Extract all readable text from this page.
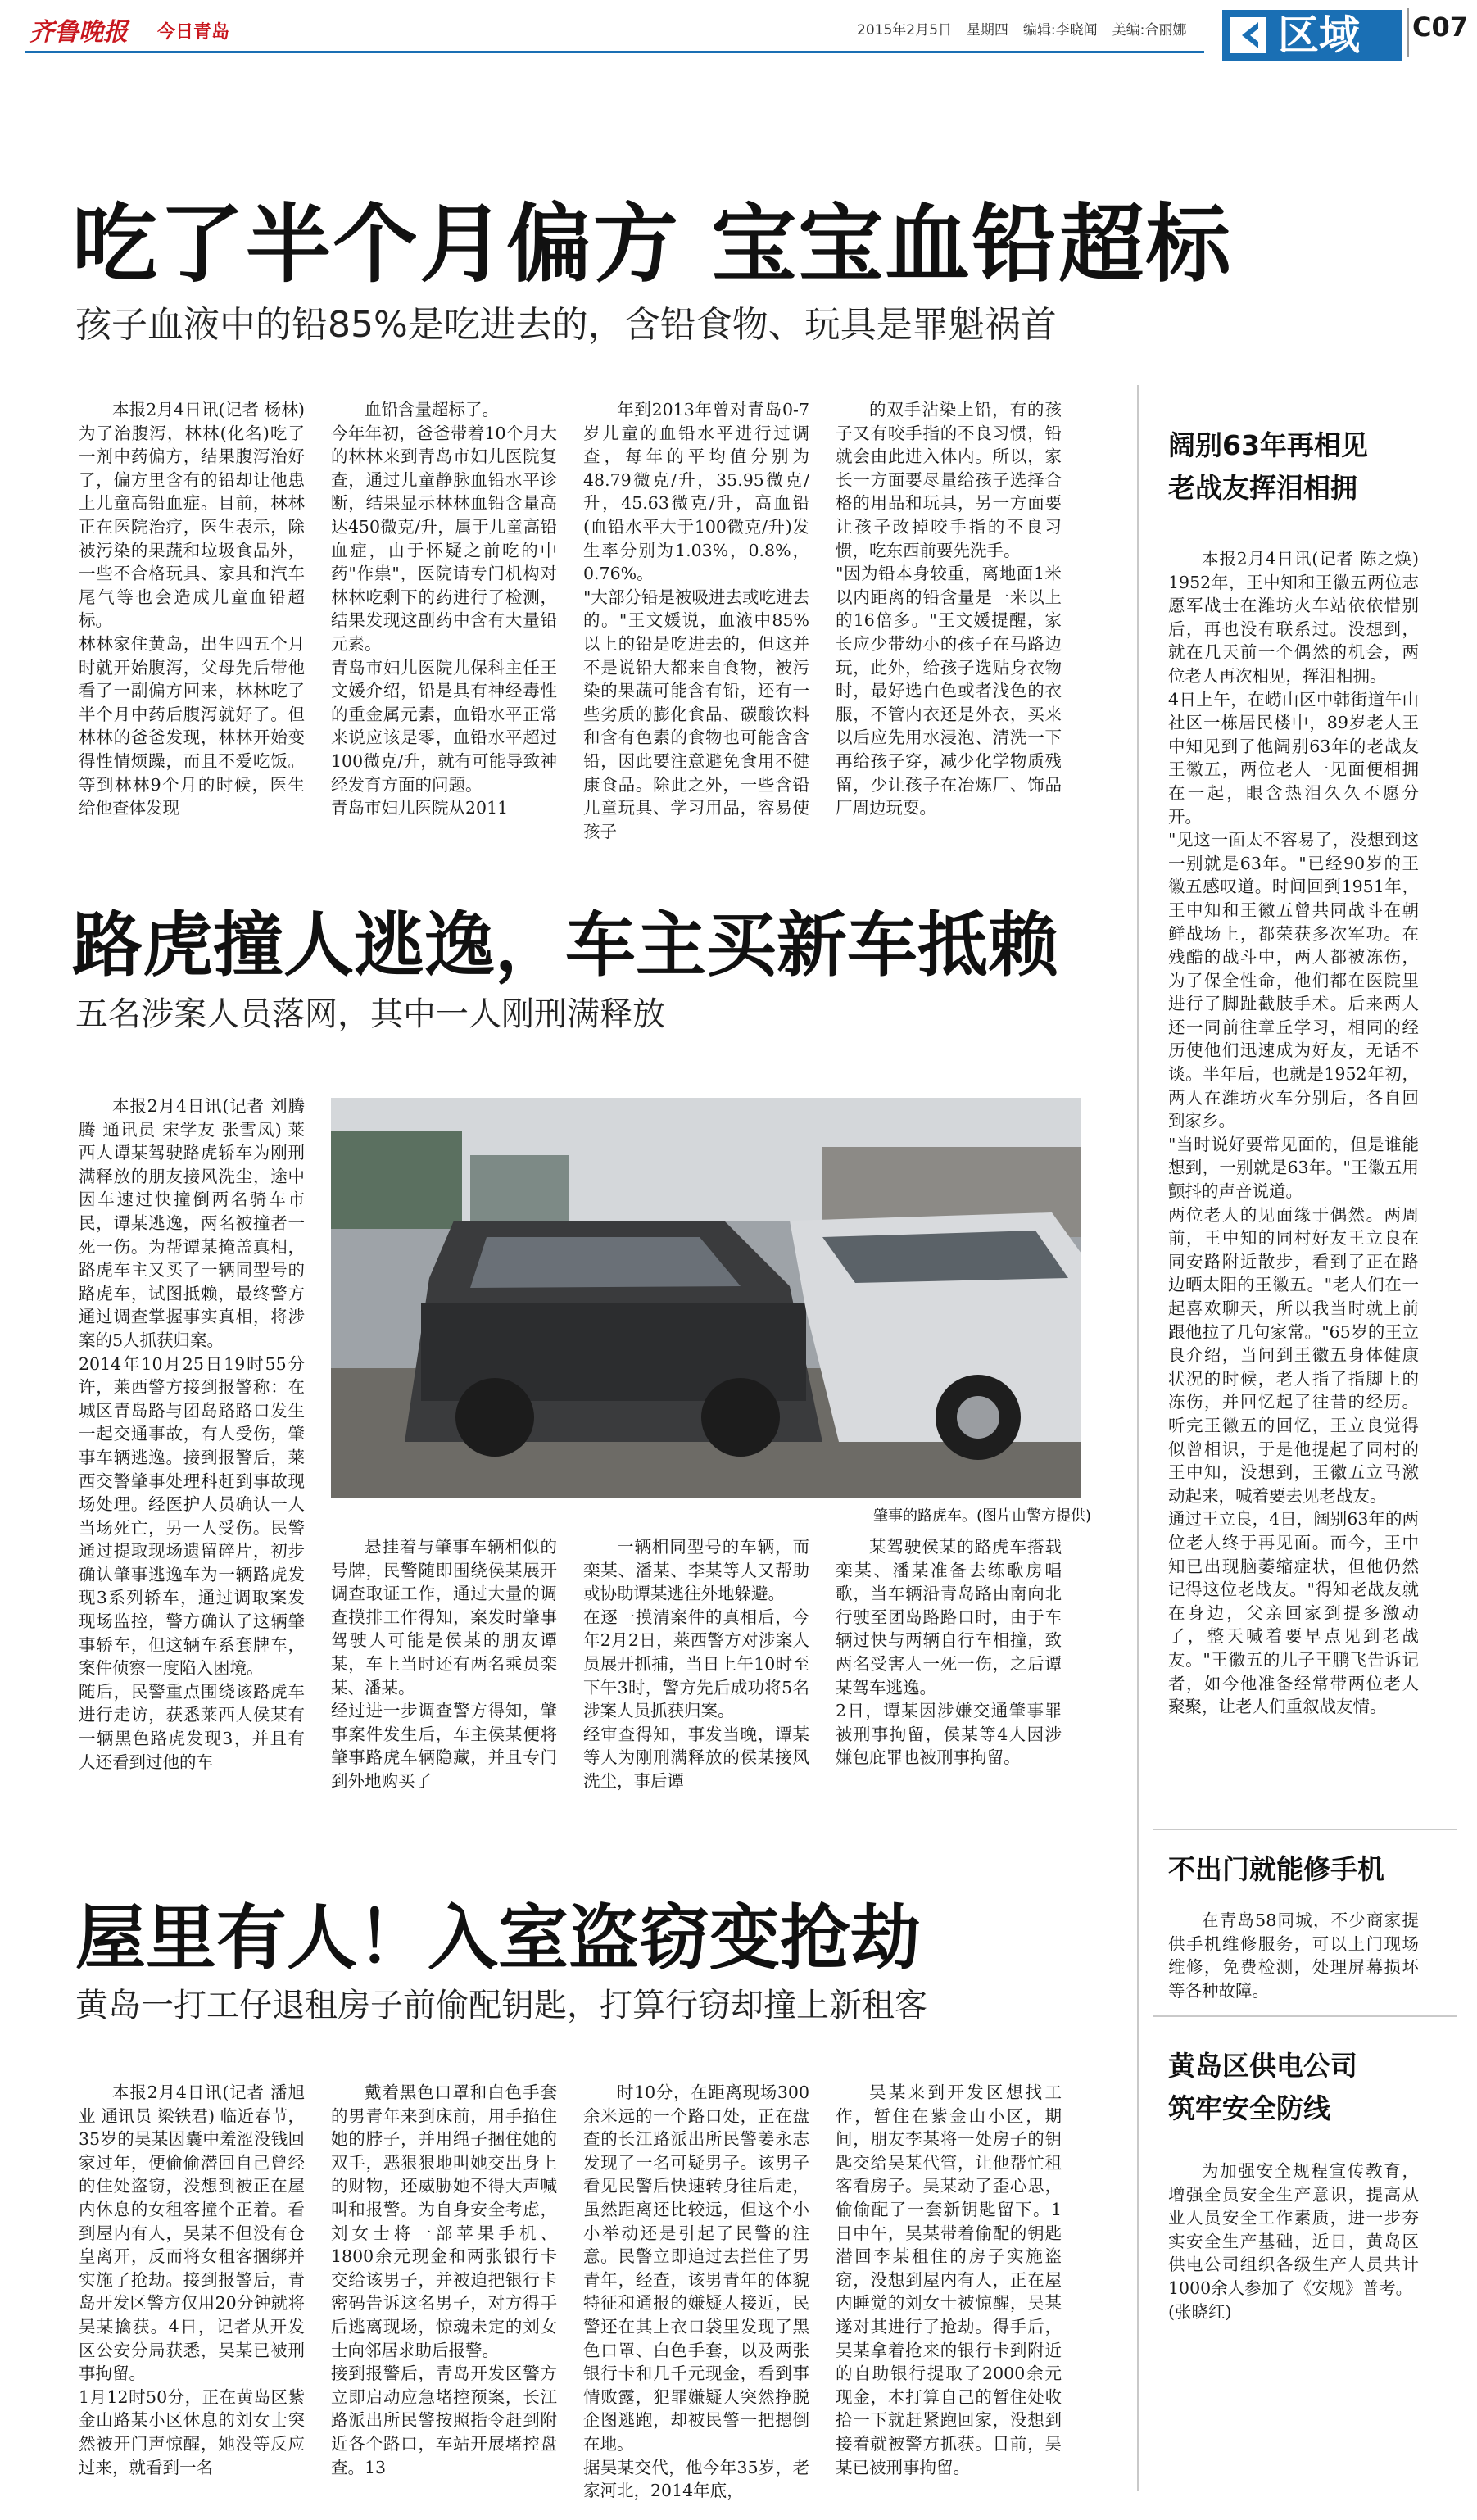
齐鲁晚报 今日青岛	2015年2月5日 星期四 编辑:李晓闻 美编:合丽娜	区域 C07
吃了半个月偏方 宝宝血铅超标
孩子血液中的铅85%是吃进去的，含铅食物、玩具是罪魁祸首

本报2月4日讯(记者 杨林) 为了治腹泻，林林(化名)吃了一剂中药偏方，结果腹泻治好了，偏方里含有的铅却让他患上儿童高铅血症。目前，林林正在医院治疗，医生表示，除被污染的果蔬和垃圾食品外，一些不合格玩具、家具和汽车尾气等也会造成儿童血铅超标。
林林家住黄岛，出生四五个月时就开始腹泻，父母先后带他看了一副偏方回来，林林吃了半个月中药后腹泻就好了。但林林的爸爸发现，林林开始变得性情烦躁，而且不爱吃饭。等到林林9个月的时候，医生给他查体发现

血铅含量超标了。
今年年初，爸爸带着10个月大的林林来到青岛市妇儿医院复查，通过儿童静脉血铅水平诊断，结果显示林林血铅含量高达450微克/升，属于儿童高铅血症，由于怀疑之前吃的中药"作祟"，医院请专门机构对林林吃剩下的药进行了检测，结果发现这副药中含有大量铅元素。
青岛市妇儿医院儿保科主任王文媛介绍，铅是具有神经毒性的重金属元素，血铅水平正常来说应该是零，血铅水平超过100微克/升，就有可能导致神经发育方面的问题。
青岛市妇儿医院从2011

年到2013年曾对青岛0-7岁儿童的血铅水平进行过调查，每年的平均值分别为48.79微克/升，35.95微克/升，45.63微克/升，高血铅(血铅水平大于100微克/升)发生率分别为1.03%，0.8%，0.76%。
"大部分铅是被吸进去或吃进去的。"王文媛说，血液中85%以上的铅是吃进去的，但这并不是说铅大都来自食物，被污染的果蔬可能含有铅，还有一些劣质的膨化食品、碳酸饮料和含有色素的食物也可能含含铅，因此要注意避免食用不健康食品。除此之外，一些含铅儿童玩具、学习用品，容易使孩子

的双手沾染上铅，有的孩子又有咬手指的不良习惯，铅就会由此进入体内。所以，家长一方面要尽量给孩子选择合格的用品和玩具，另一方面要让孩子改掉咬手指的不良习惯，吃东西前要先洗手。
"因为铅本身较重，离地面1米以内距离的铅含量是一米以上的16倍多。"王文媛提醒，家长应少带幼小的孩子在马路边玩，此外，给孩子选贴身衣物时，最好选白色或者浅色的衣服，不管内衣还是外衣，买来以后应先用水浸泡、清洗一下再给孩子穿，减少化学物质残留，少让孩子在冶炼厂、饰品厂周边玩耍。

路虎撞人逃逸，车主买新车抵赖
五名涉案人员落网，其中一人刚刑满释放

本报2月4日讯(记者 刘腾腾 通讯员 宋学友 张雪凤) 莱西人谭某驾驶路虎轿车为刚刑满释放的朋友接风洗尘，途中因车速过快撞倒两名骑车市民，谭某逃逸，两名被撞者一死一伤。为帮谭某掩盖真相，路虎车主又买了一辆同型号的路虎车，试图抵赖，最终警方通过调查掌握事实真相，将涉案的5人抓获归案。
2014年10月25日19时55分许，莱西警方接到报警称：在城区青岛路与团岛路路口发生一起交通事故，有人受伤，肇事车辆逃逸。接到报警后，莱西交警肇事处理科赶到事故现场处理。经医护人员确认一人当场死亡，另一人受伤。民警通过提取现场遗留碎片，初步确认肇事逃逸车为一辆路虎发现3系列轿车，通过调取案发现场监控，警方确认了这辆肇事轿车，但这辆车系套牌车，案件侦察一度陷入困境。
随后，民警重点围绕该路虎车进行走访，获悉莱西人侯某有一辆黑色路虎发现3，并且有人还看到过他的车

肇事的路虎车。(图片由警方提供)

悬挂着与肇事车辆相似的号牌，民警随即围绕侯某展开调查取证工作，通过大量的调查摸排工作得知，案发时肇事驾驶人可能是侯某的朋友谭某，车上当时还有两名乘员栾某、潘某。
经过进一步调查警方得知，肇事案件发生后，车主侯某便将肇事路虎车辆隐藏，并且专门到外地购买了

一辆相同型号的车辆，而栾某、潘某、李某等人又帮助或协助谭某逃往外地躲避。
在逐一摸清案件的真相后，今年2月2日，莱西警方对涉案人员展开抓捕，当日上午10时至下午3时，警方先后成功将5名涉案人员抓获归案。
经审查得知，事发当晚，谭某等人为刚刑满释放的侯某接风洗尘，事后谭

某驾驶侯某的路虎车搭载栾某、潘某准备去练歌房唱歌，当车辆沿青岛路由南向北行驶至团岛路路口时，由于车辆过快与两辆自行车相撞，致两名受害人一死一伤，之后谭某驾车逃逸。
2日，谭某因涉嫌交通肇事罪被刑事拘留，侯某等4人因涉嫌包庇罪也被刑事拘留。

屋里有人！入室盗窃变抢劫
黄岛一打工仔退租房子前偷配钥匙，打算行窃却撞上新租客

本报2月4日讯(记者 潘旭业 通讯员 梁铁君) 临近春节，35岁的吴某因囊中羞涩没钱回家过年，便偷偷潜回自己曾经的住处盗窃，没想到被正在屋内休息的女租客撞个正着。看到屋内有人，吴某不但没有仓皇离开，反而将女租客捆绑并实施了抢劫。接到报警后，青岛开发区警方仅用20分钟就将吴某擒获。4日，记者从开发区公安分局获悉，吴某已被刑事拘留。
1月12时50分，正在黄岛区紫金山路某小区休息的刘女士突然被开门声惊醒，她没等反应过来，就看到一名

戴着黑色口罩和白色手套的男青年来到床前，用手掐住她的脖子，并用绳子捆住她的双手，恶狠狠地叫她交出身上的财物，还威胁她不得大声喊叫和报警。为自身安全考虑，刘女士将一部苹果手机、1800余元现金和两张银行卡交给该男子，并被迫把银行卡密码告诉这名男子，对方得手后逃离现场，惊魂未定的刘女士向邻居求助后报警。
接到报警后，青岛开发区警方立即启动应急堵控预案，长江路派出所民警按照指令赶到附近各个路口，车站开展堵控盘查。13

时10分，在距离现场300余米远的一个路口处，正在盘查的长江路派出所民警姜永志发现了一名可疑男子。该男子看见民警后快速转身往后走，虽然距离还比较远，但这个小小举动还是引起了民警的注意。民警立即追过去拦住了男青年，经查，该男青年的体貌特征和通报的嫌疑人接近，民警还在其上衣口袋里发现了黑色口罩、白色手套，以及两张银行卡和几千元现金，看到事情败露，犯罪嫌疑人突然挣脱企图逃跑，却被民警一把摁倒在地。
据吴某交代，他今年35岁，老家河北，2014年底，

吴某来到开发区想找工作，暂住在紫金山小区，期间，朋友李某将一处房子的钥匙交给吴某代管，让他帮忙租客看房子。吴某动了歪心思，偷偷配了一套新钥匙留下。1日中午，吴某带着偷配的钥匙潜回李某租住的房子实施盗窃，没想到屋内有人，正在屋内睡觉的刘女士被惊醒，吴某遂对其进行了抢劫。得手后，吴某拿着抢来的银行卡到附近的自助银行提取了2000余元现金，本打算自己的暂住处收拾一下就赶紧跑回家，没想到接着就被警方抓获。目前，吴某已被刑事拘留。

阔别63年再相见
老战友挥泪相拥

本报2月4日讯(记者 陈之焕) 1952年，王中知和王徽五两位志愿军战士在潍坊火车站依依惜别后，再也没有联系过。没想到，就在几天前一个偶然的机会，两位老人再次相见，挥泪相拥。
4日上午，在崂山区中韩街道午山社区一栋居民楼中，89岁老人王中知见到了他阔别63年的老战友王徽五，两位老人一见面便相拥在一起，眼含热泪久久不愿分开。
"见这一面太不容易了，没想到这一别就是63年。"已经90岁的王徽五感叹道。时间回到1951年，王中知和王徽五曾共同战斗在朝鲜战场上，都荣获多次军功。在残酷的战斗中，两人都被冻伤，为了保全性命，他们都在医院里进行了脚趾截肢手术。后来两人还一同前往章丘学习，相同的经历使他们迅速成为好友，无话不谈。半年后，也就是1952年初，两人在潍坊火车分别后，各自回到家乡。
"当时说好要常见面的，但是谁能想到，一别就是63年。"王徽五用颤抖的声音说道。
两位老人的见面缘于偶然。两周前，王中知的同村好友王立良在同安路附近散步，看到了正在路边晒太阳的王徽五。"老人们在一起喜欢聊天，所以我当时就上前跟他拉了几句家常。"65岁的王立良介绍，当问到王徽五身体健康状况的时候，老人指了指脚上的冻伤，并回忆起了往昔的经历。听完王徽五的回忆，王立良觉得似曾相识，于是他提起了同村的王中知，没想到，王徽五立马激动起来，喊着要去见老战友。
通过王立良，4日，阔别63年的两位老人终于再见面。而今，王中知已出现脑萎缩症状，但他仍然记得这位老战友。"得知老战友就在身边，父亲回家到提多激动了，整天喊着要早点见到老战友。"王徽五的儿子王鹏飞告诉记者，如今他准备经常带两位老人聚聚，让老人们重叙战友情。

不出门就能修手机

在青岛58同城，不少商家提供手机维修服务，可以上门现场维修，免费检测，处理屏幕损坏等各种故障。

黄岛区供电公司
筑牢安全防线

为加强安全规程宣传教育，增强全员安全生产意识，提高从业人员安全工作素质，进一步夯实安全生产基础，近日，黄岛区供电公司组织各级生产人员共计1000余人参加了《安规》普考。
(张晓红)
